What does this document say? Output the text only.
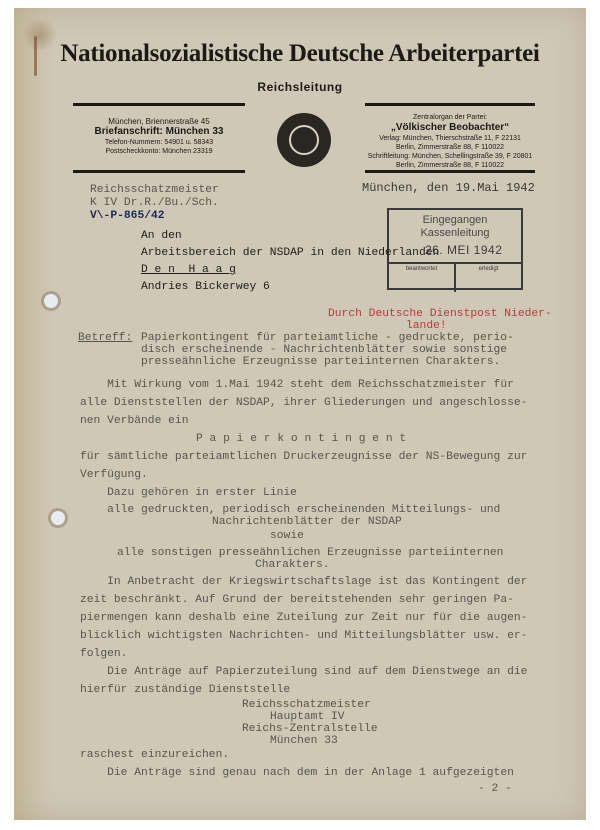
Nationalsozialistische Deutsche Arbeiterpartei
Reichsleitung
München, Briennerstraße 45
Briefanschrift: München 33
Telefon-Nummern: 54901 u. 58343
Postscheckkonto: München 23319
Zentralorgan der Partei:
„Völkischer Beobachter“
Verlag: München, Thierschstraße 11, F 22131
Berlin, Zimmerstraße 88, F 110022
Schriftleitung: München, Schellingstraße 39, F 20801
Berlin, Zimmerstraße 88, F 110022
Reichsschatzmeister
K IV Dr.R./Bu./Sch.
V\-P-865/42
München, den 19.Mai 1942
Eingegangen
Kassenleitung
26. MEI 1942
beantwortet	erledigt
An den
Arbeitsbereich der NSDAP in den Niederlanden
D e n  H a a g
Andries Bickerwey 6
Durch Deutsche Dienstpost Nieder-
lande!
Betreff: Papierkontingent für parteiamtliche - gedruckte, perio-
disch erscheinende - Nachrichtenblätter sowie sonstige
presseähnliche Erzeugnisse parteiinternen Charakters.
Mit Wirkung vom 1.Mai 1942 steht dem Reichsschatzmeister für
alle Dienststellen der NSDAP, ihrer Gliederungen und angeschlosse-
nen Verbände ein
P a p i e r k o n t i n g e n t
für sämtliche parteiamtlichen Druckerzeugnisse der NS-Bewegung zur
Verfügung.
Dazu gehören in erster Linie
alle gedruckten, periodisch erscheinenden Mitteilungs- und
Nachrichtenblätter der NSDAP
sowie
alle sonstigen presseähnlichen Erzeugnisse parteiinternen
Charakters.
In Anbetracht der Kriegswirtschaftslage ist das Kontingent der
zeit beschränkt. Auf Grund der bereitstehenden sehr geringen Pa-
piermengen kann deshalb eine Zuteilung zur Zeit nur für die augen-
blicklich wichtigsten Nachrichten- und Mitteilungsblätter usw. er-
folgen.
Die Anträge auf Papierzuteilung sind auf dem Dienstwege an die
hierfür zuständige Dienststelle
Reichsschatzmeister
Hauptamt IV
Reichs-Zentralstelle
München 33
raschest einzureichen.
Die Anträge sind genau nach dem in der Anlage 1 aufgezeigten
- 2 -
